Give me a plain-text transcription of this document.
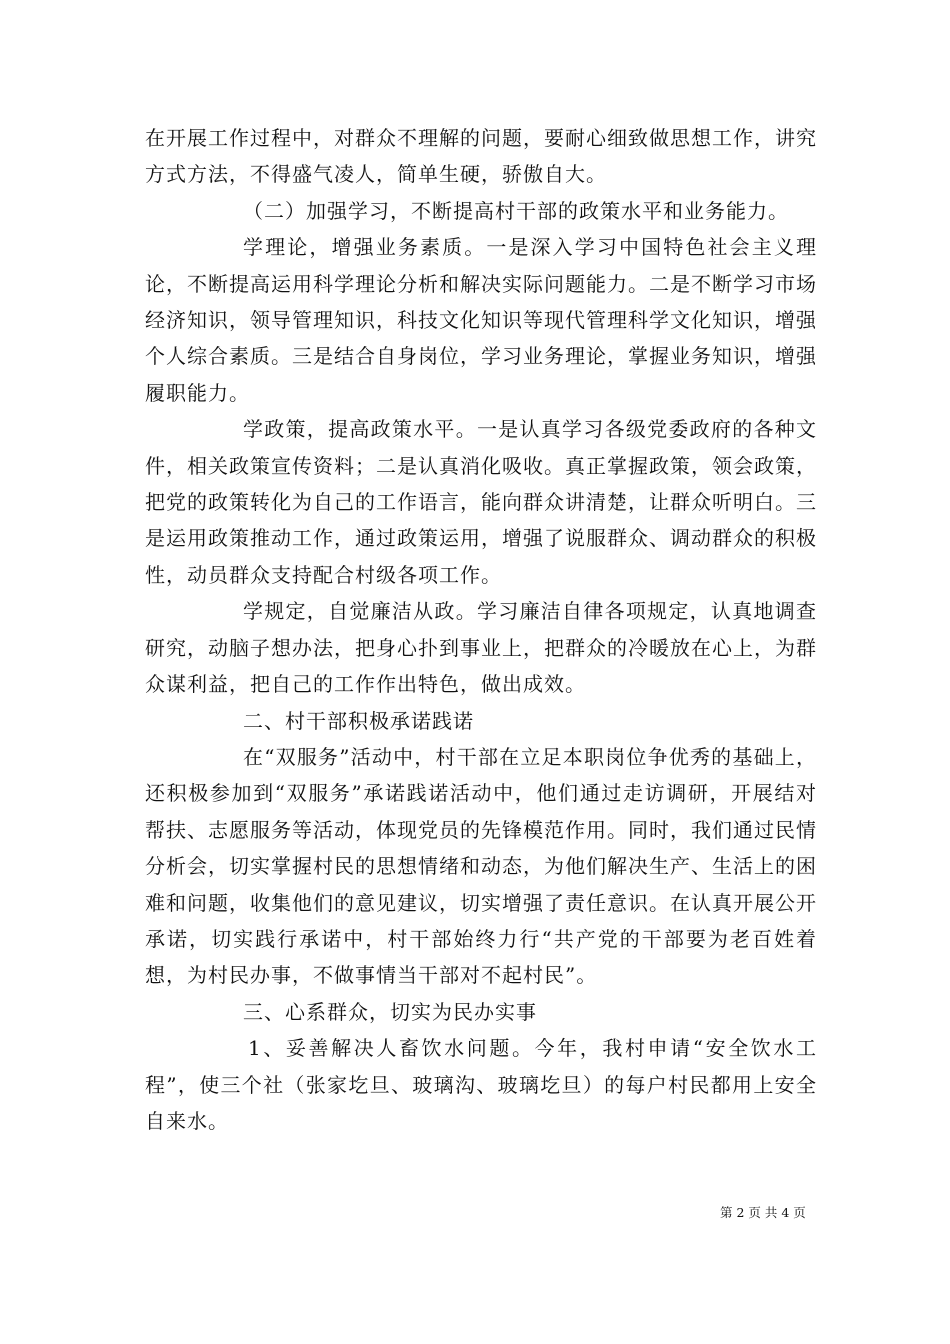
在开展工作过程中，对群众不理解的问题，要耐心细致做思想工作，讲究方式方法，不得盛气凌人，简单生硬，骄傲自大。

（二）加强学习，不断提高村干部的政策水平和业务能力。

学理论，增强业务素质。一是深入学习中国特色社会主义理论，不断提高运用科学理论分析和解决实际问题能力。二是不断学习市场经济知识，领导管理知识，科技文化知识等现代管理科学文化知识，增强个人综合素质。三是结合自身岗位，学习业务理论，掌握业务知识，增强履职能力。

学政策，提高政策水平。一是认真学习各级党委政府的各种文件，相关政策宣传资料；二是认真消化吸收。真正掌握政策，领会政策，把党的政策转化为自己的工作语言，能向群众讲清楚，让群众听明白。三是运用政策推动工作，通过政策运用，增强了说服群众、调动群众的积极性，动员群众支持配合村级各项工作。

学规定，自觉廉洁从政。学习廉洁自律各项规定，认真地调查研究，动脑子想办法，把身心扑到事业上，把群众的冷暖放在心上，为群众谋利益，把自己的工作作出特色，做出成效。

二、村干部积极承诺践诺

在“双服务”活动中，村干部在立足本职岗位争优秀的基础上，还积极参加到“双服务”承诺践诺活动中，他们通过走访调研，开展结对帮扶、志愿服务等活动，体现党员的先锋模范作用。同时，我们通过民情分析会，切实掌握村民的思想情绪和动态，为他们解决生产、生活上的困难和问题，收集他们的意见建议，切实增强了责任意识。在认真开展公开承诺，切实践行承诺中，村干部始终力行“共产党的干部要为老百姓着想，为村民办事，不做事情当干部对不起村民”。

三、心系群众，切实为民办实事

1、妥善解决人畜饮水问题。今年，我村申请“安全饮水工程”，使三个社（张家圪旦、玻璃沟、玻璃圪旦）的每户村民都用上安全自来水。

第 2 页 共 4 页
